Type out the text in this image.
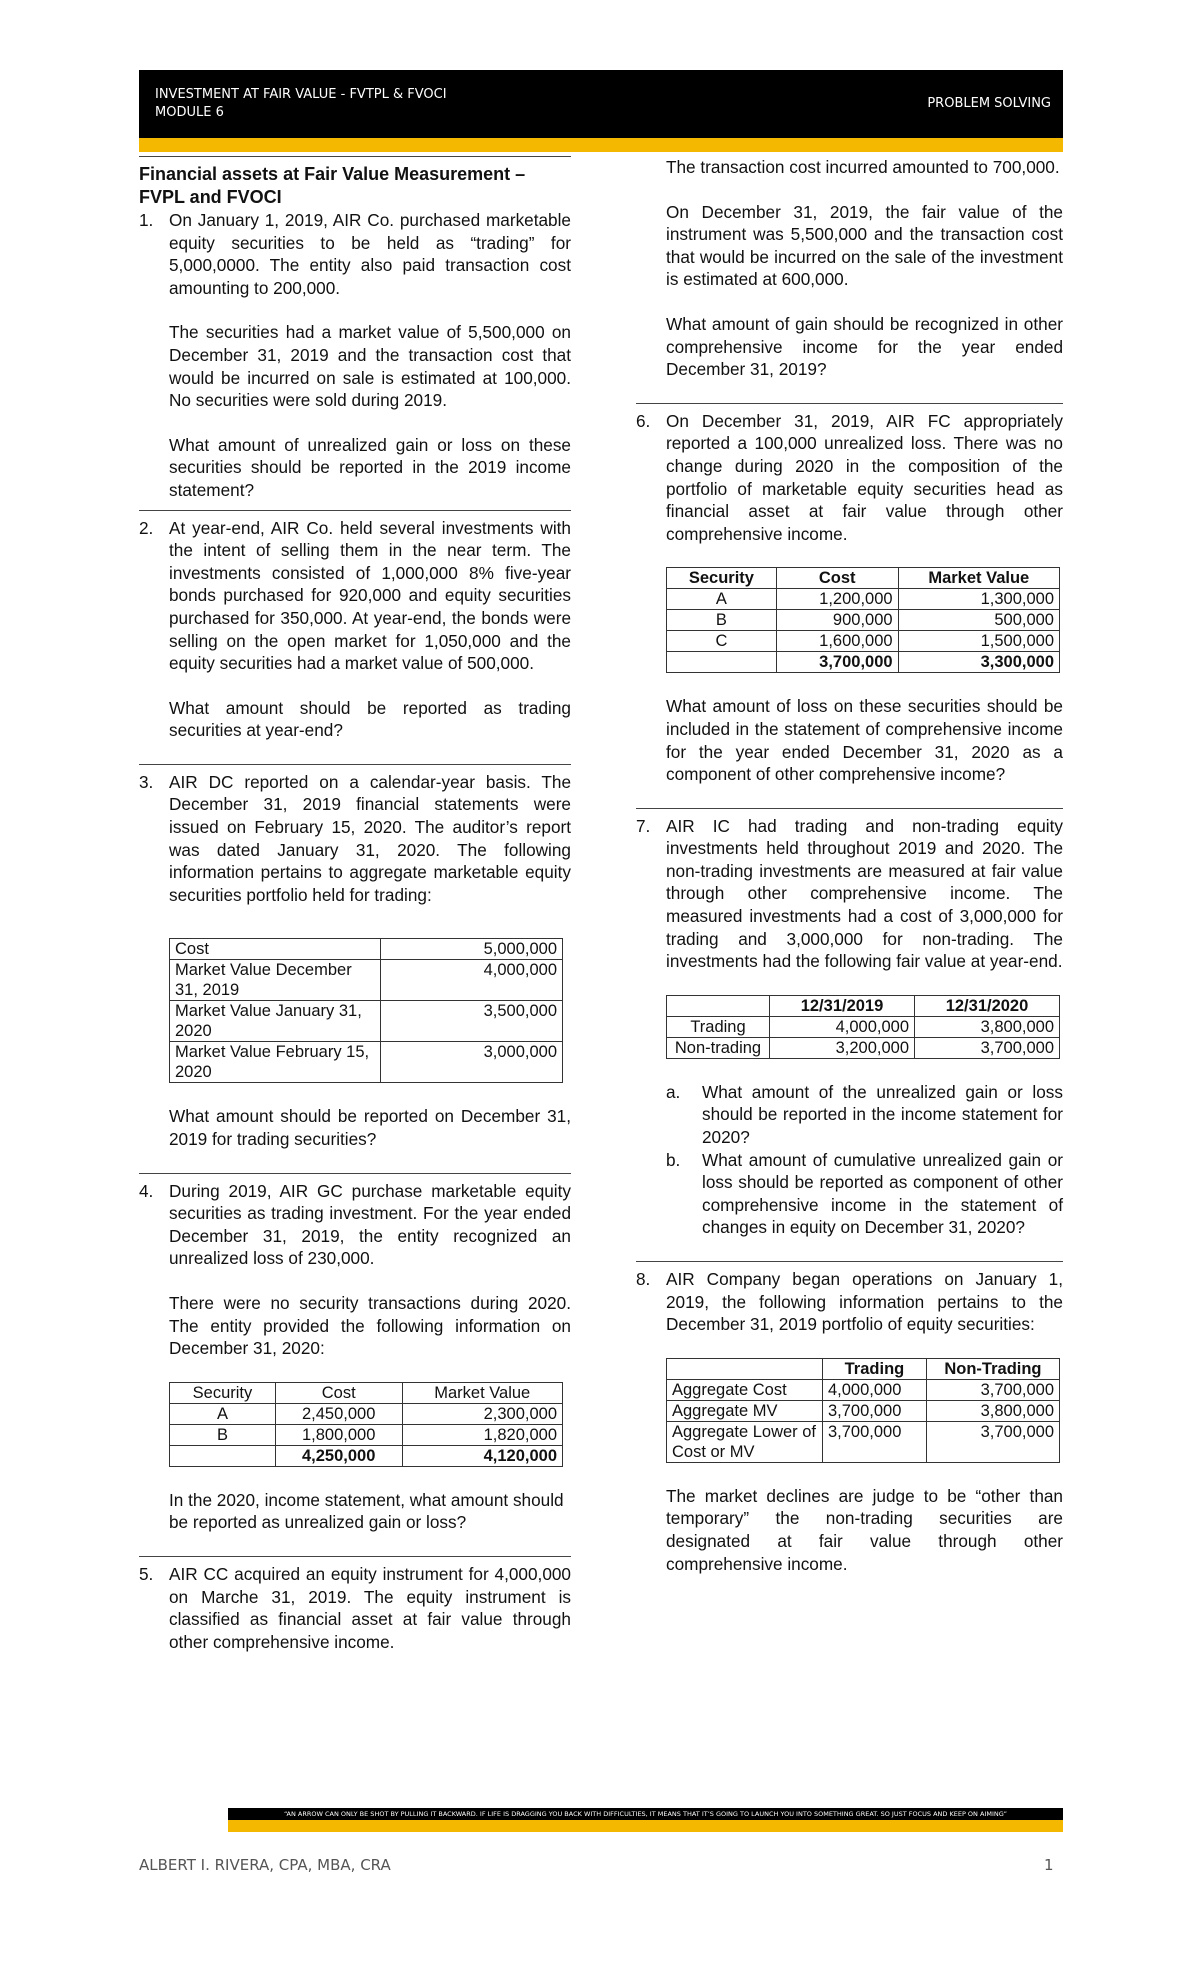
INVESTMENT AT FAIR VALUE - FVTPL & FVOCI
MODULE 6
PROBLEM SOLVING
Financial assets at Fair Value Measurement – FVPL and FVOCI
1. On January 1, 2019, AIR Co. purchased marketable equity securities to be held as “trading” for 5,000,0000. The entity also paid transaction cost amounting to 200,000.

The securities had a market value of 5,500,000 on December 31, 2019 and the transaction cost that would be incurred on sale is estimated at 100,000. No securities were sold during 2019.

What amount of unrealized gain or loss on these securities should be reported in the 2019 income statement?

2. At year-end, AIR Co. held several investments with the intent of selling them in the near term. The investments consisted of 1,000,000 8% five-year bonds purchased for 920,000 and equity securities purchased for 350,000. At year-end, the bonds were selling on the open market for 1,050,000 and the equity securities had a market value of 500,000.

What amount should be reported as trading securities at year-end?

3. AIR DC reported on a calendar-year basis. The December 31, 2019 financial statements were issued on February 15, 2020. The auditor’s report was dated January 31, 2020. The following information pertains to aggregate marketable equity securities portfolio held for trading:

Cost	5,000,000
Market Value December 31, 2019	4,000,000
Market Value January 31, 2020	3,500,000
Market Value February 15, 2020	3,000,000

What amount should be reported on December 31, 2019 for trading securities?

4. During 2019, AIR GC purchase marketable equity securities as trading investment. For the year ended December 31, 2019, the entity recognized an unrealized loss of 230,000.

There were no security transactions during 2020. The entity provided the following information on December 31, 2020:

Security	Cost	Market Value
A	2,450,000	2,300,000
B	1,800,000	1,820,000
	4,250,000	4,120,000

In the 2020, income statement, what amount should be reported as unrealized gain or loss?

5. AIR CC acquired an equity instrument for 4,000,000 on Marche 31, 2019. The equity instrument is classified as financial asset at fair value through other comprehensive income.

The transaction cost incurred amounted to 700,000.

On December 31, 2019, the fair value of the instrument was 5,500,000 and the transaction cost that would be incurred on the sale of the investment is estimated at 600,000.

What amount of gain should be recognized in other comprehensive income for the year ended December 31, 2019?

6. On December 31, 2019, AIR FC appropriately reported a 100,000 unrealized loss. There was no change during 2020 in the composition of the portfolio of marketable equity securities head as financial asset at fair value through other comprehensive income.

Security	Cost	Market Value
A	1,200,000	1,300,000
B	900,000	500,000
C	1,600,000	1,500,000
	3,700,000	3,300,000

What amount of loss on these securities should be included in the statement of comprehensive income for the year ended December 31, 2020 as a component of other comprehensive income?

7. AIR IC had trading and non-trading equity investments held throughout 2019 and 2020. The non-trading investments are measured at fair value through other comprehensive income. The measured investments had a cost of 3,000,000 for trading and 3,000,000 for non-trading. The investments had the following fair value at year-end.

	12/31/2019	12/31/2020
Trading	4,000,000	3,800,000
Non-trading	3,200,000	3,700,000
a.	What amount of the unrealized gain or loss should be reported in the income statement for 2020?
b.	What amount of cumulative unrealized gain or loss should be reported as component of other comprehensive income in the statement of changes in equity on December 31, 2020?
8. AIR Company began operations on January 1, 2019, the following information pertains to the December 31, 2019 portfolio of equity securities:

	Trading	Non-Trading
Aggregate Cost	4,000,000	3,700,000
Aggregate MV	3,700,000	3,800,000
Aggregate Lower of Cost or MV	3,700,000	3,700,000

The market declines are judge to be “other than temporary” the non-trading securities are designated at fair value through other comprehensive income.

“AN ARROW CAN ONLY BE SHOT BY PULLING IT BACKWARD. IF LIFE IS DRAGGING YOU BACK WITH DIFFICULTIES, IT MEANS THAT IT’S GOING TO LAUNCH YOU INTO SOMETHING GREAT. SO JUST FOCUS AND KEEP ON AIMING”
ALBERT I. RIVERA, CPA, MBA, CRA	1
